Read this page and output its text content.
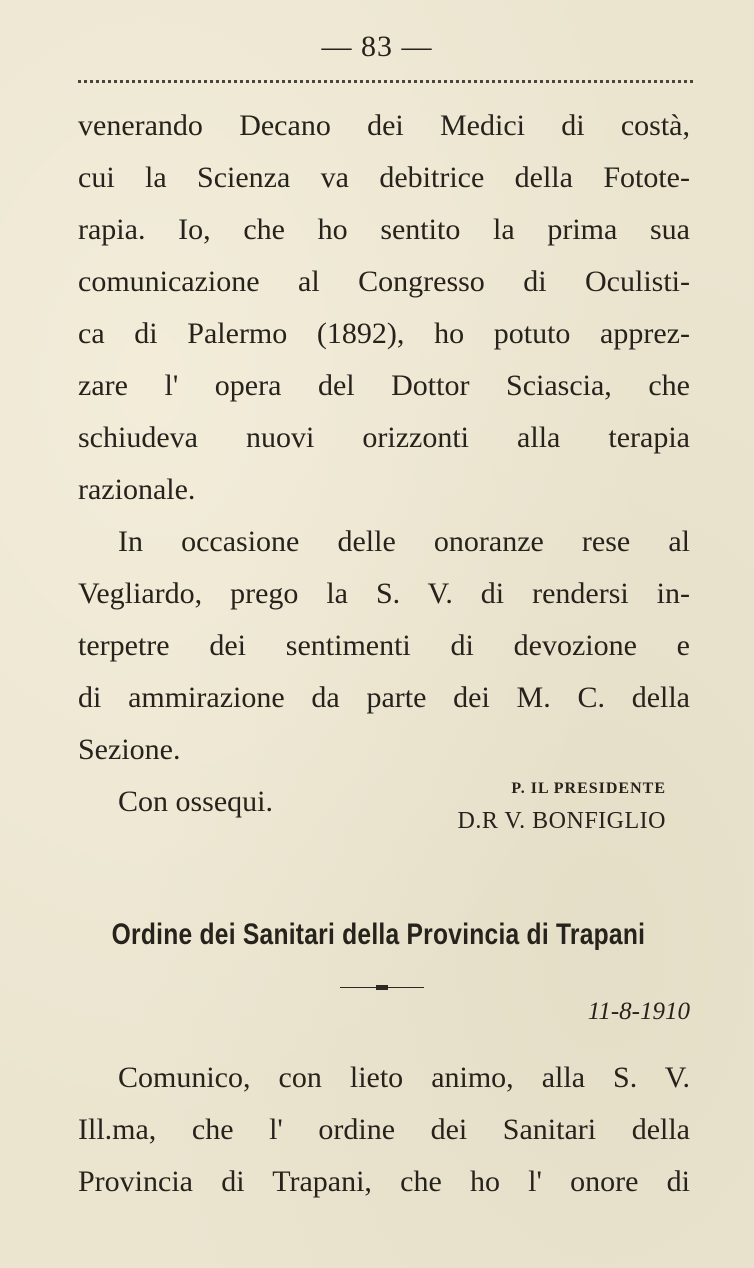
— 83 —
venerando Decano dei Medici di costà,
cui la Scienza va debitrice della Fototе-
rapia. Io, che ho sentito la prima sua
comunicazione al Congresso di Oculisti-
ca di Palermo (1892), ho potuto apprez-
zare l' opera del Dottor Sciascia, che
schiudeva nuovi orizzonti alla terapia
razionale.
In occasione delle onoranze rese al
Vegliardo, prego la S. V. di rendersi in-
terpetre dei sentimenti di devozione e
di ammirazione da parte dei M. C. della
Sezione.
Con ossequi.	P. IL PRESIDENTE
D.R V. BONFIGLIO
Ordine dei Sanitari della Provincia di Trapani
11-8-1910
Comunico, con lieto animo, alla S. V.
Ill.ma, che l' ordine dei Sanitari della
Provincia di Trapani, che ho l' onore di
